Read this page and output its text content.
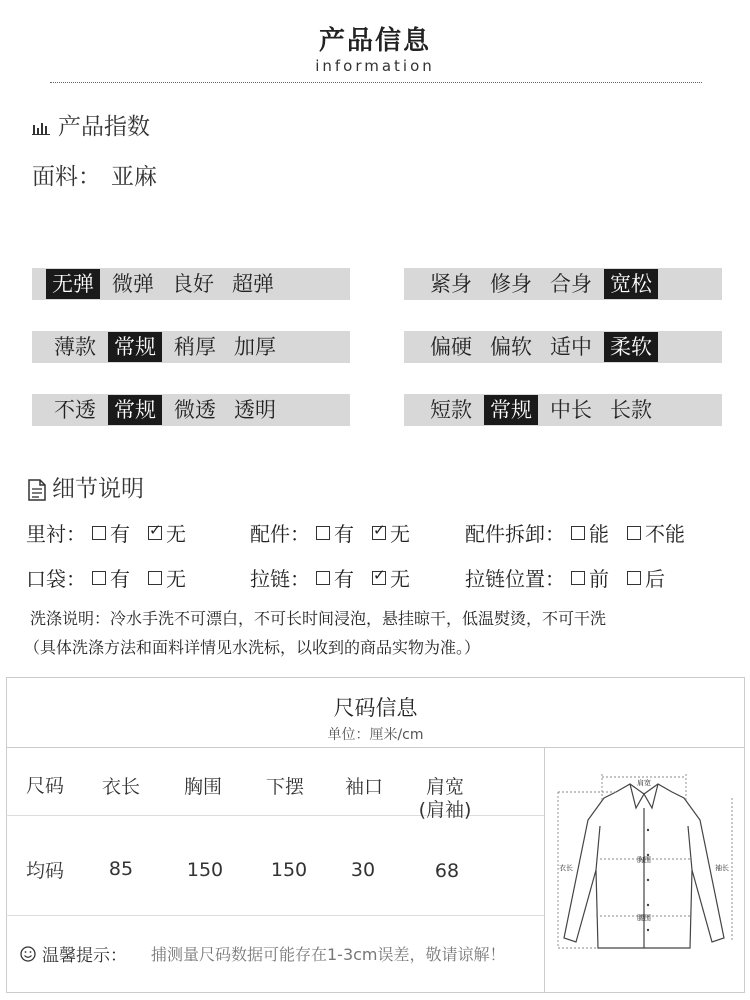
产品信息
information
产品指数
面料： 亚麻
无弹 微弹 良好 超弹	紧身 修身 合身 宽松
薄款 常规 稍厚 加厚	偏硬 偏软 适中 柔软
不透 常规 微透 透明	短款 常规 中长 长款
细节说明
里衬： 有 ✓ 无	配件： 有 ✓ 无	配件拆卸： 能 不能
口袋： 有 无	拉链： 有 ✓ 无	拉链位置： 前 后
洗涤说明：冷水手洗不可漂白，不可长时间浸泡，悬挂晾干，低温熨烫，不可干洗
（具体洗涤方法和面料详情见水洗标，以收到的商品实物为准。）
尺码信息
单位：厘米/cm
尺码	衣长	胸围	下摆	袖口	肩宽
(肩袖)
均码	85	150	150	30	68
温馨提示： 捕测量尺码数据可能存在1-3cm误差，敬请谅解！
肩宽
胸围
腰围
衣长	袖长
